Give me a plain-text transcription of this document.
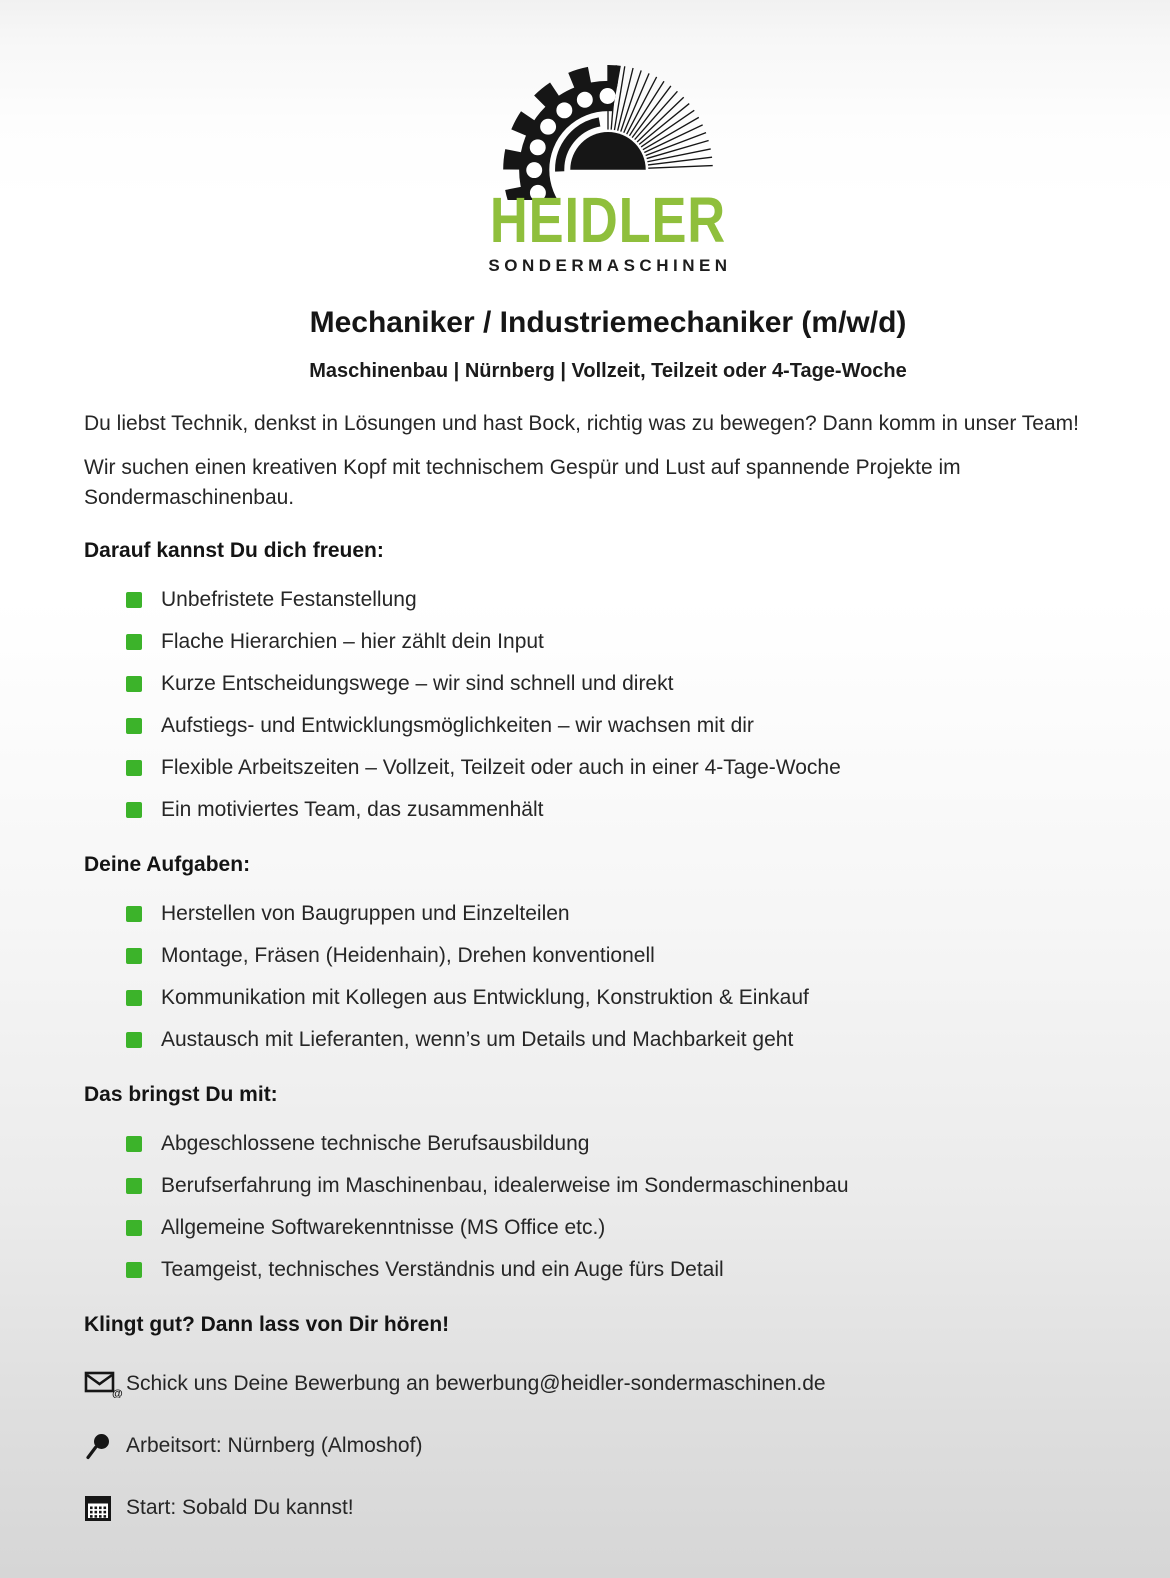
HEIDLER
SONDERMASCHINEN
Mechaniker / Industriemechaniker (m/w/d)
Maschinenbau | Nürnberg | Vollzeit, Teilzeit oder 4-Tage-Woche

Du liebst Technik, denkst in Lösungen und hast Bock, richtig was zu bewegen? Dann komm in unser Team!

Wir suchen einen kreativen Kopf mit technischem Gespür und Lust auf spannende Projekte im Sondermaschinenbau.

Darauf kannst Du dich freuen:
Unbefristete Festanstellung
Flache Hierarchien – hier zählt dein Input
Kurze Entscheidungswege – wir sind schnell und direkt
Aufstiegs- und Entwicklungsmöglichkeiten – wir wachsen mit dir
Flexible Arbeitszeiten – Vollzeit, Teilzeit oder auch in einer 4-Tage-Woche
Ein motiviertes Team, das zusammenhält
Deine Aufgaben:
Herstellen von Baugruppen und Einzelteilen
Montage, Fräsen (Heidenhain), Drehen konventionell
Kommunikation mit Kollegen aus Entwicklung, Konstruktion & Einkauf
Austausch mit Lieferanten, wenn’s um Details und Machbarkeit geht
Das bringst Du mit:
Abgeschlossene technische Berufsausbildung
Berufserfahrung im Maschinenbau, idealerweise im Sondermaschinenbau
Allgemeine Softwarekenntnisse (MS Office etc.)
Teamgeist, technisches Verständnis und ein Auge fürs Detail
Klingt gut? Dann lass von Dir hören!
@ Schick uns Deine Bewerbung an bewerbung@heidler-sondermaschinen.de
Arbeitsort: Nürnberg (Almoshof)
Start: Sobald Du kannst!
